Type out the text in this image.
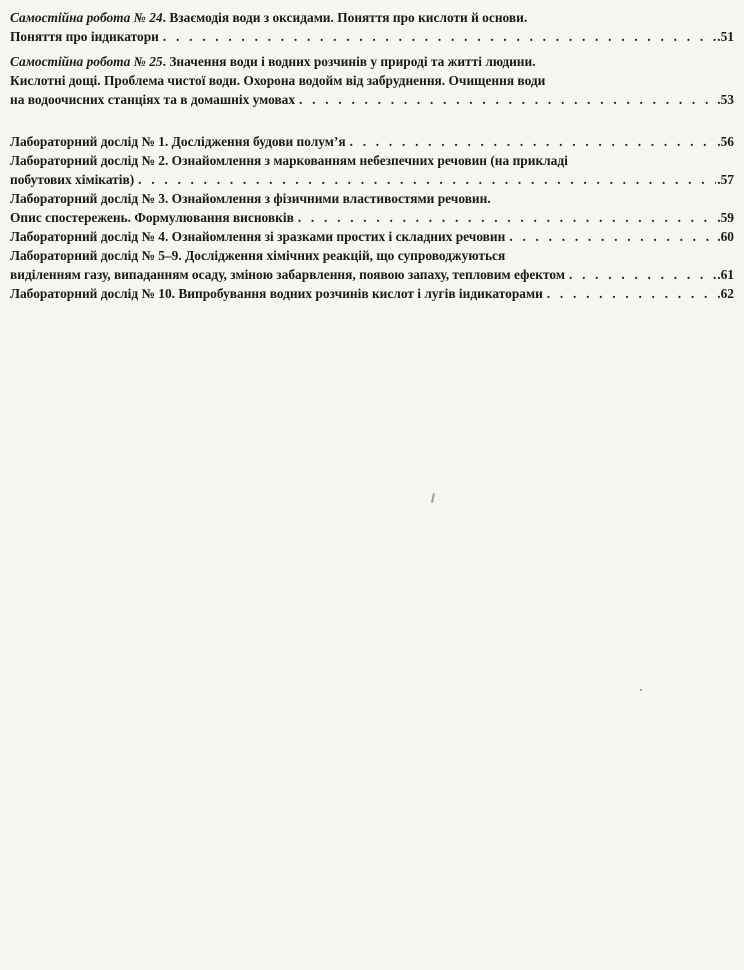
Самостійна робота № 24. Взаємодія води з оксидами. Поняття про кислоти й основи.
Поняття про індикатори . . .	.51
Самостійна робота № 25. Значення води і водних розчинів у природі та житті людини.
Кислотні дощі. Проблема чистої води. Охорона водойм від забруднення. Очищення води
на водоочисних станціях та в домашніх умовах . . .	.53
Лабораторний дослід № 1. Дослідження будови полум’я . . .	.56
Лабораторний дослід № 2. Ознайомлення з маркованням небезпечних речовин (на прикладі
побутових хімікатів) . . .	.57
Лабораторний дослід № 3. Ознайомлення з фізичними властивостями речовин.
Опис спостережень. Формулювання висновків . . .	.59
Лабораторний дослід № 4. Ознайомлення зі зразками простих і складних речовин . . .	.60
Лабораторний дослід № 5–9. Дослідження хімічних реакцій, що супроводжуються
виділенням газу, випаданням осаду, зміною забарвлення, появою запаху, тепловим ефектом . . .	.61
Лабораторний дослід № 10. Випробування водних розчинів кислот і лугів індикаторами . . .	.62
